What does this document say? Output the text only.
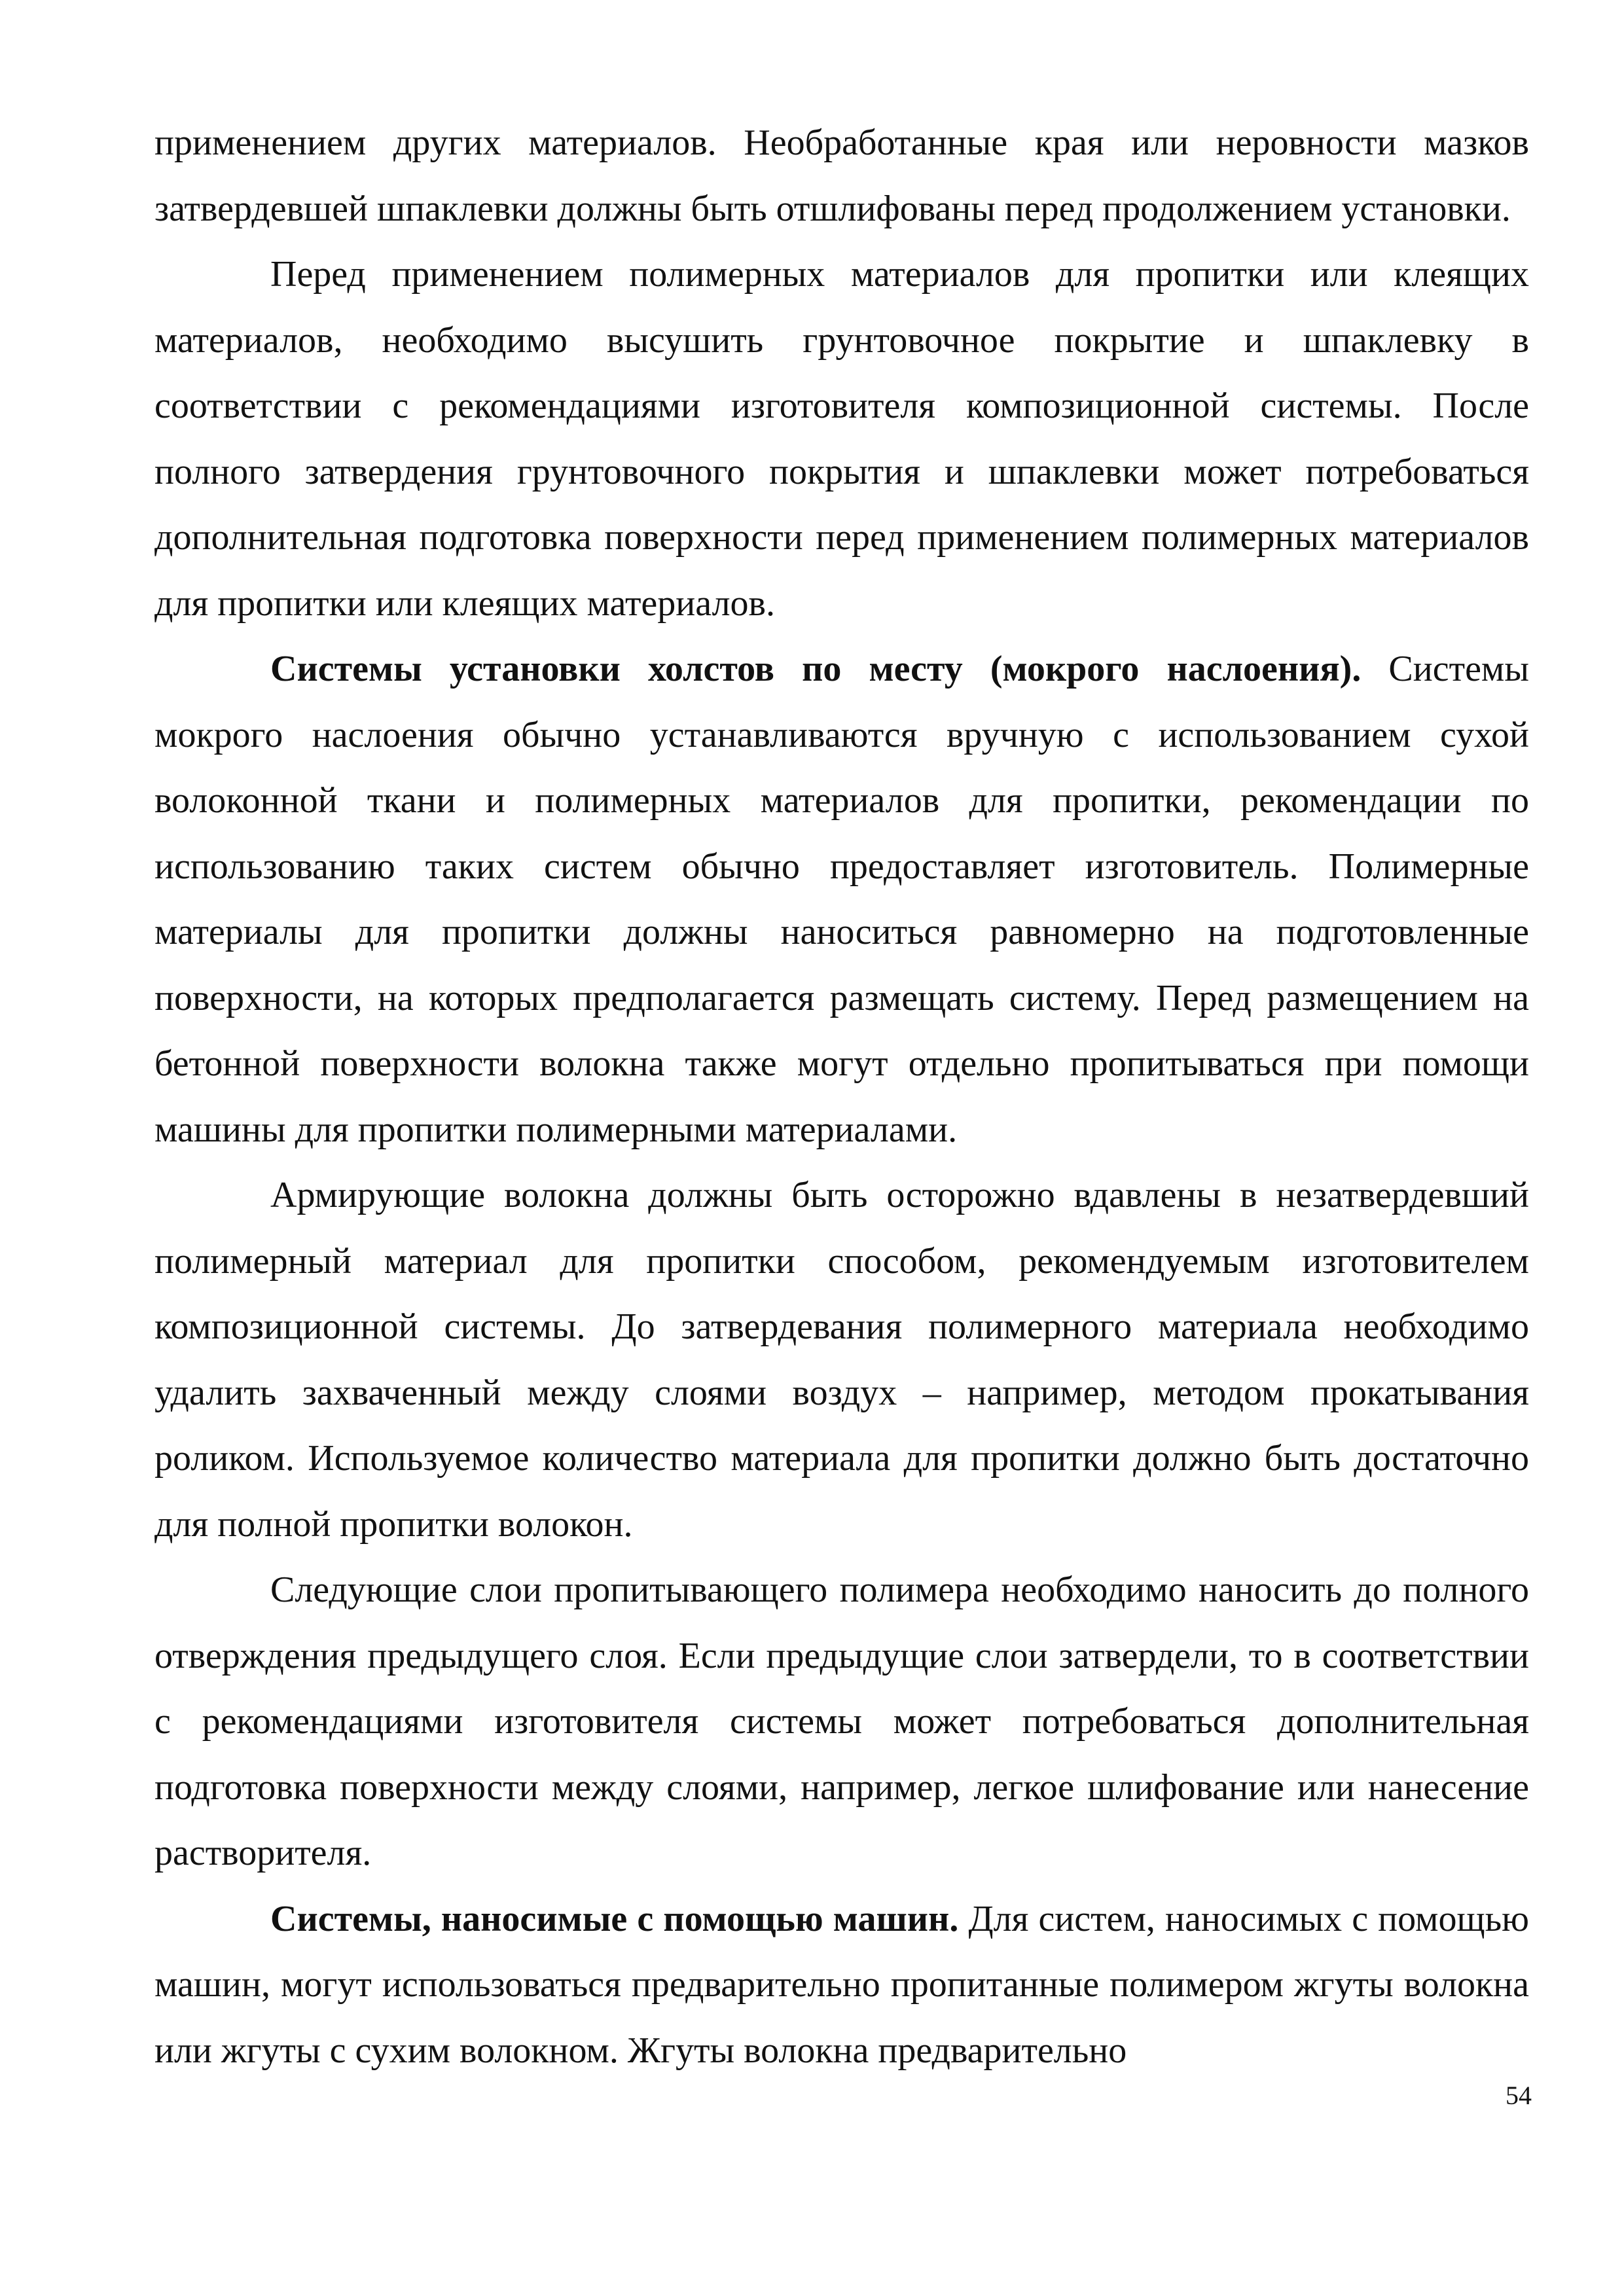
применением других материалов. Необработанные края или неровности мазков затвердевшей шпаклевки должны быть отшлифованы перед продолжением установки.

Перед применением полимерных материалов для пропитки или клеящих материалов, необходимо высушить грунтовочное покрытие и шпаклевку в соответствии с рекомендациями изготовителя композиционной системы. После полного затвердения грунтовочного покрытия и шпаклевки может потребоваться дополнительная подготовка поверхности перед применением полимерных материалов для пропитки или клеящих материалов.

Системы установки холстов по месту (мокрого наслоения). Системы мокрого наслоения обычно устанавливаются вручную с использованием сухой волоконной ткани и полимерных материалов для пропитки, рекомендации по использованию таких систем обычно предоставляет изготовитель. Полимерные материалы для пропитки должны наноситься равномерно на подготовленные поверхности, на которых предполагается размещать систему. Перед размещением на бетонной поверхности волокна также могут отдельно пропитываться при помощи машины для пропитки полимерными материалами.

Армирующие волокна должны быть осторожно вдавлены в незатвердевший полимерный материал для пропитки способом, рекомендуемым изготовителем композиционной системы. До затвердевания полимерного материала необходимо удалить захваченный между слоями воздух – например, методом прокатывания роликом. Используемое количество материала для пропитки должно быть достаточно для полной пропитки волокон.

Следующие слои пропитывающего полимера необходимо наносить до полного отверждения предыдущего слоя. Если предыдущие слои затвердели, то в соответствии с рекомендациями изготовителя системы может потребоваться дополнительная подготовка поверхности между слоями, например, легкое шлифование или нанесение растворителя.

Системы, наносимые с помощью машин. Для систем, наносимых с помощью машин, могут использоваться предварительно пропитанные полимером жгуты волокна или жгуты с сухим волокном. Жгуты волокна предварительно

54
